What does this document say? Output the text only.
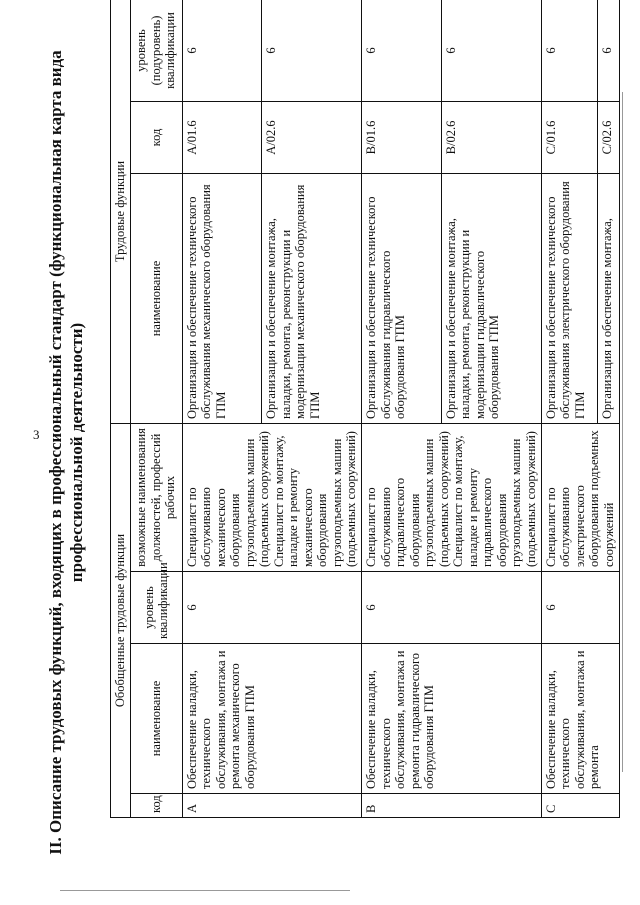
3 II. Описание трудовых функций, входящих в профессиональный стандарт (функциональная карта вида профессиональной деятельности)
Обобщенные трудовые функции				Трудовые функции		
код	наименование	уровень квалификации	возможные наименования должностей, профессий рабочих	наименование	код	уровень (подуровень) квалификации
A	Обеспечение наладки, технического обслуживания, монтажа и ремонта механического оборудования ГПМ	6	Специалист по обслуживанию механического оборудования грузоподъемных машин (подъемных сооружений) Специалист по монтажу, наладке и ремонту механического оборудования грузоподъемных машин (подъемных сооружений)	Организация и обеспечение технического обслуживания механического оборудования ГПМ	A/01.6	6
				Организация и обеспечение монтажа, наладки, ремонта, реконструкции и модернизации механического оборудования ГПМ	A/02.6	6
B	Обеспечение наладки, технического обслуживания, монтажа и ремонта гидравлического оборудования ГПМ	6	Специалист по обслуживанию гидравлического оборудования грузоподъемных машин (подъемных сооружений) Специалист по монтажу, наладке и ремонту гидравлического оборудования грузоподъемных машин (подъемных сооружений)	Организация и обеспечение технического обслуживания гидравлического оборудования ГПМ	B/01.6	6
				Организация и обеспечение монтажа, наладки, ремонта, реконструкции и модернизации гидравлического оборудования ГПМ	B/02.6	6
C	Обеспечение наладки, технического обслуживания, монтажа и ремонта	6	Специалист по обслуживанию электрического оборудования подъемных сооружений	Организация и обеспечение технического обслуживания электрического оборудования ГПМ	C/01.6	6
				Организация и обеспечение монтажа,	C/02.6	6
